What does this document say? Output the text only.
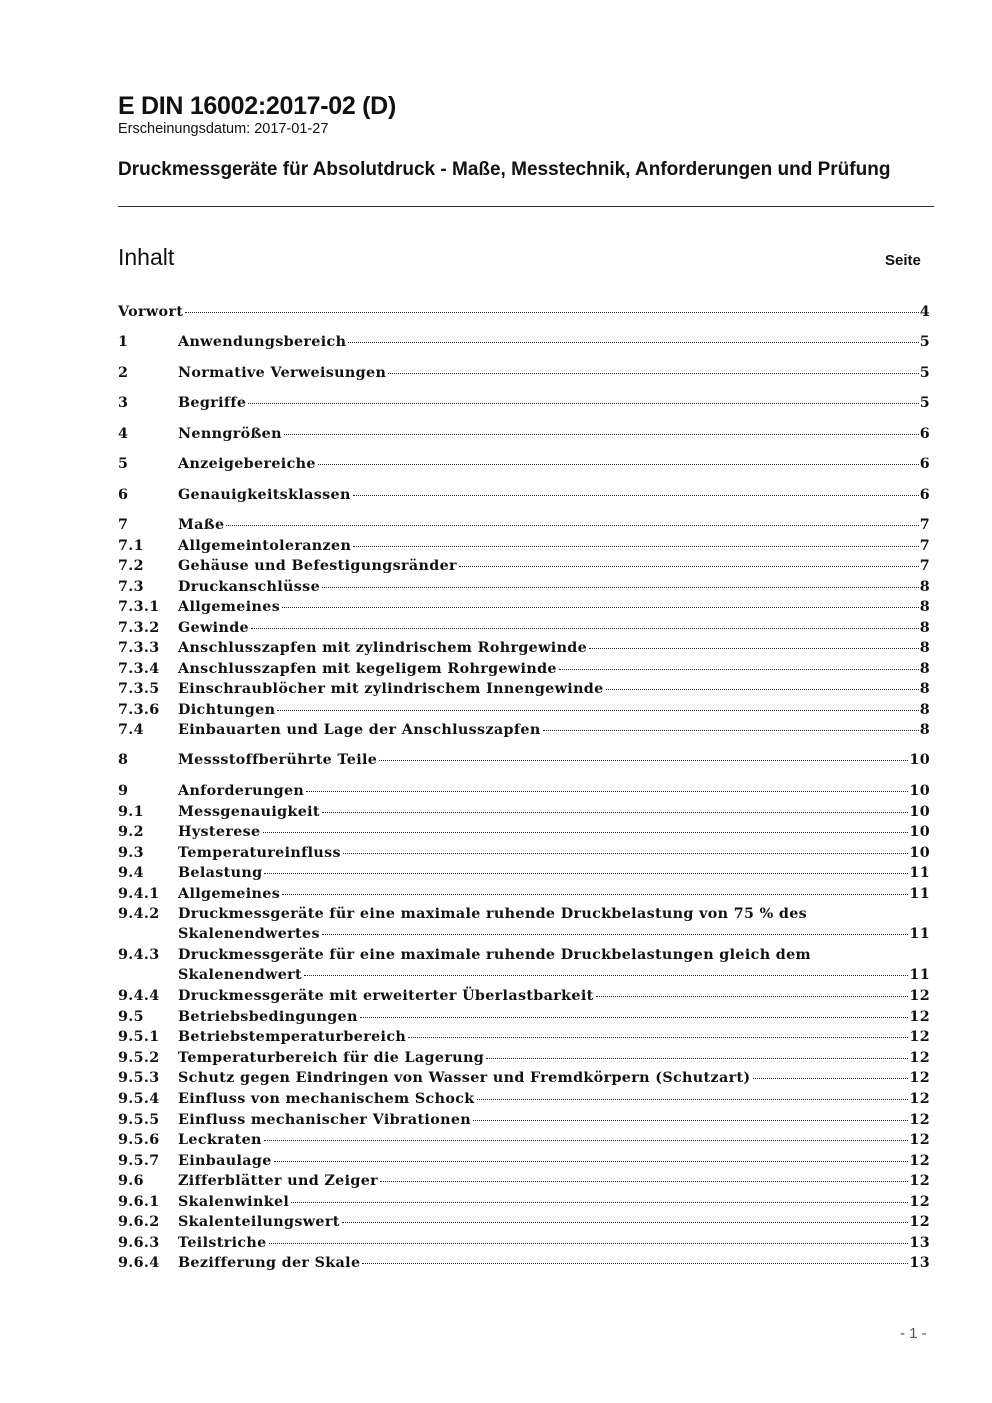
E DIN 16002:2017-02 (D)
Erscheinungsdatum: 2017-01-27
Druckmessgeräte für Absolutdruck - Maße, Messtechnik, Anforderungen und Prüfung
Inhalt	Seite
Vorwort	4
1	Anwendungsbereich	5
2	Normative Verweisungen	5
3	Begriffe	5
4	Nenngrößen	6
5	Anzeigebereiche	6
6	Genauigkeitsklassen	6
7	Maße	7
7.1 Allgemeintoleranzen	7
7.2 Gehäuse und Befestigungsränder	7
7.3 Druckanschlüsse	8
7.3.1 Allgemeines	8
7.3.2 Gewinde	8
7.3.3 Anschlusszapfen mit zylindrischem Rohrgewinde	8
7.3.4 Anschlusszapfen mit kegeligem Rohrgewinde	8
7.3.5 Einschraublöcher mit zylindrischem Innengewinde	8
7.3.6 Dichtungen	8
7.4 Einbauarten und Lage der Anschlusszapfen	8
8	Messstoffberührte Teile	10
9	Anforderungen	10
9.1 Messgenauigkeit	10
9.2 Hysterese	10
9.3 Temperatureinfluss	10
9.4 Belastung	11
9.4.1 Allgemeines	11
9.4.2 Druckmessgeräte für eine maximale ruhende Druckbelastung von 75 % des
Skalenendwertes	11
9.4.3 Druckmessgeräte für eine maximale ruhende Druckbelastungen gleich dem
Skalenendwert	11
9.4.4 Druckmessgeräte mit erweiterter Überlastbarkeit	12
9.5 Betriebsbedingungen	12
9.5.1 Betriebstemperaturbereich	12
9.5.2 Temperaturbereich für die Lagerung	12
9.5.3 Schutz gegen Eindringen von Wasser und Fremdkörpern (Schutzart)	12
9.5.4 Einfluss von mechanischem Schock	12
9.5.5 Einfluss mechanischer Vibrationen	12
9.5.6 Leckraten	12
9.5.7 Einbaulage	12
9.6 Zifferblätter und Zeiger	12
9.6.1 Skalenwinkel	12
9.6.2 Skalenteilungswert	12
9.6.3 Teilstriche	13
9.6.4 Bezifferung der Skale	13
- 1 -
